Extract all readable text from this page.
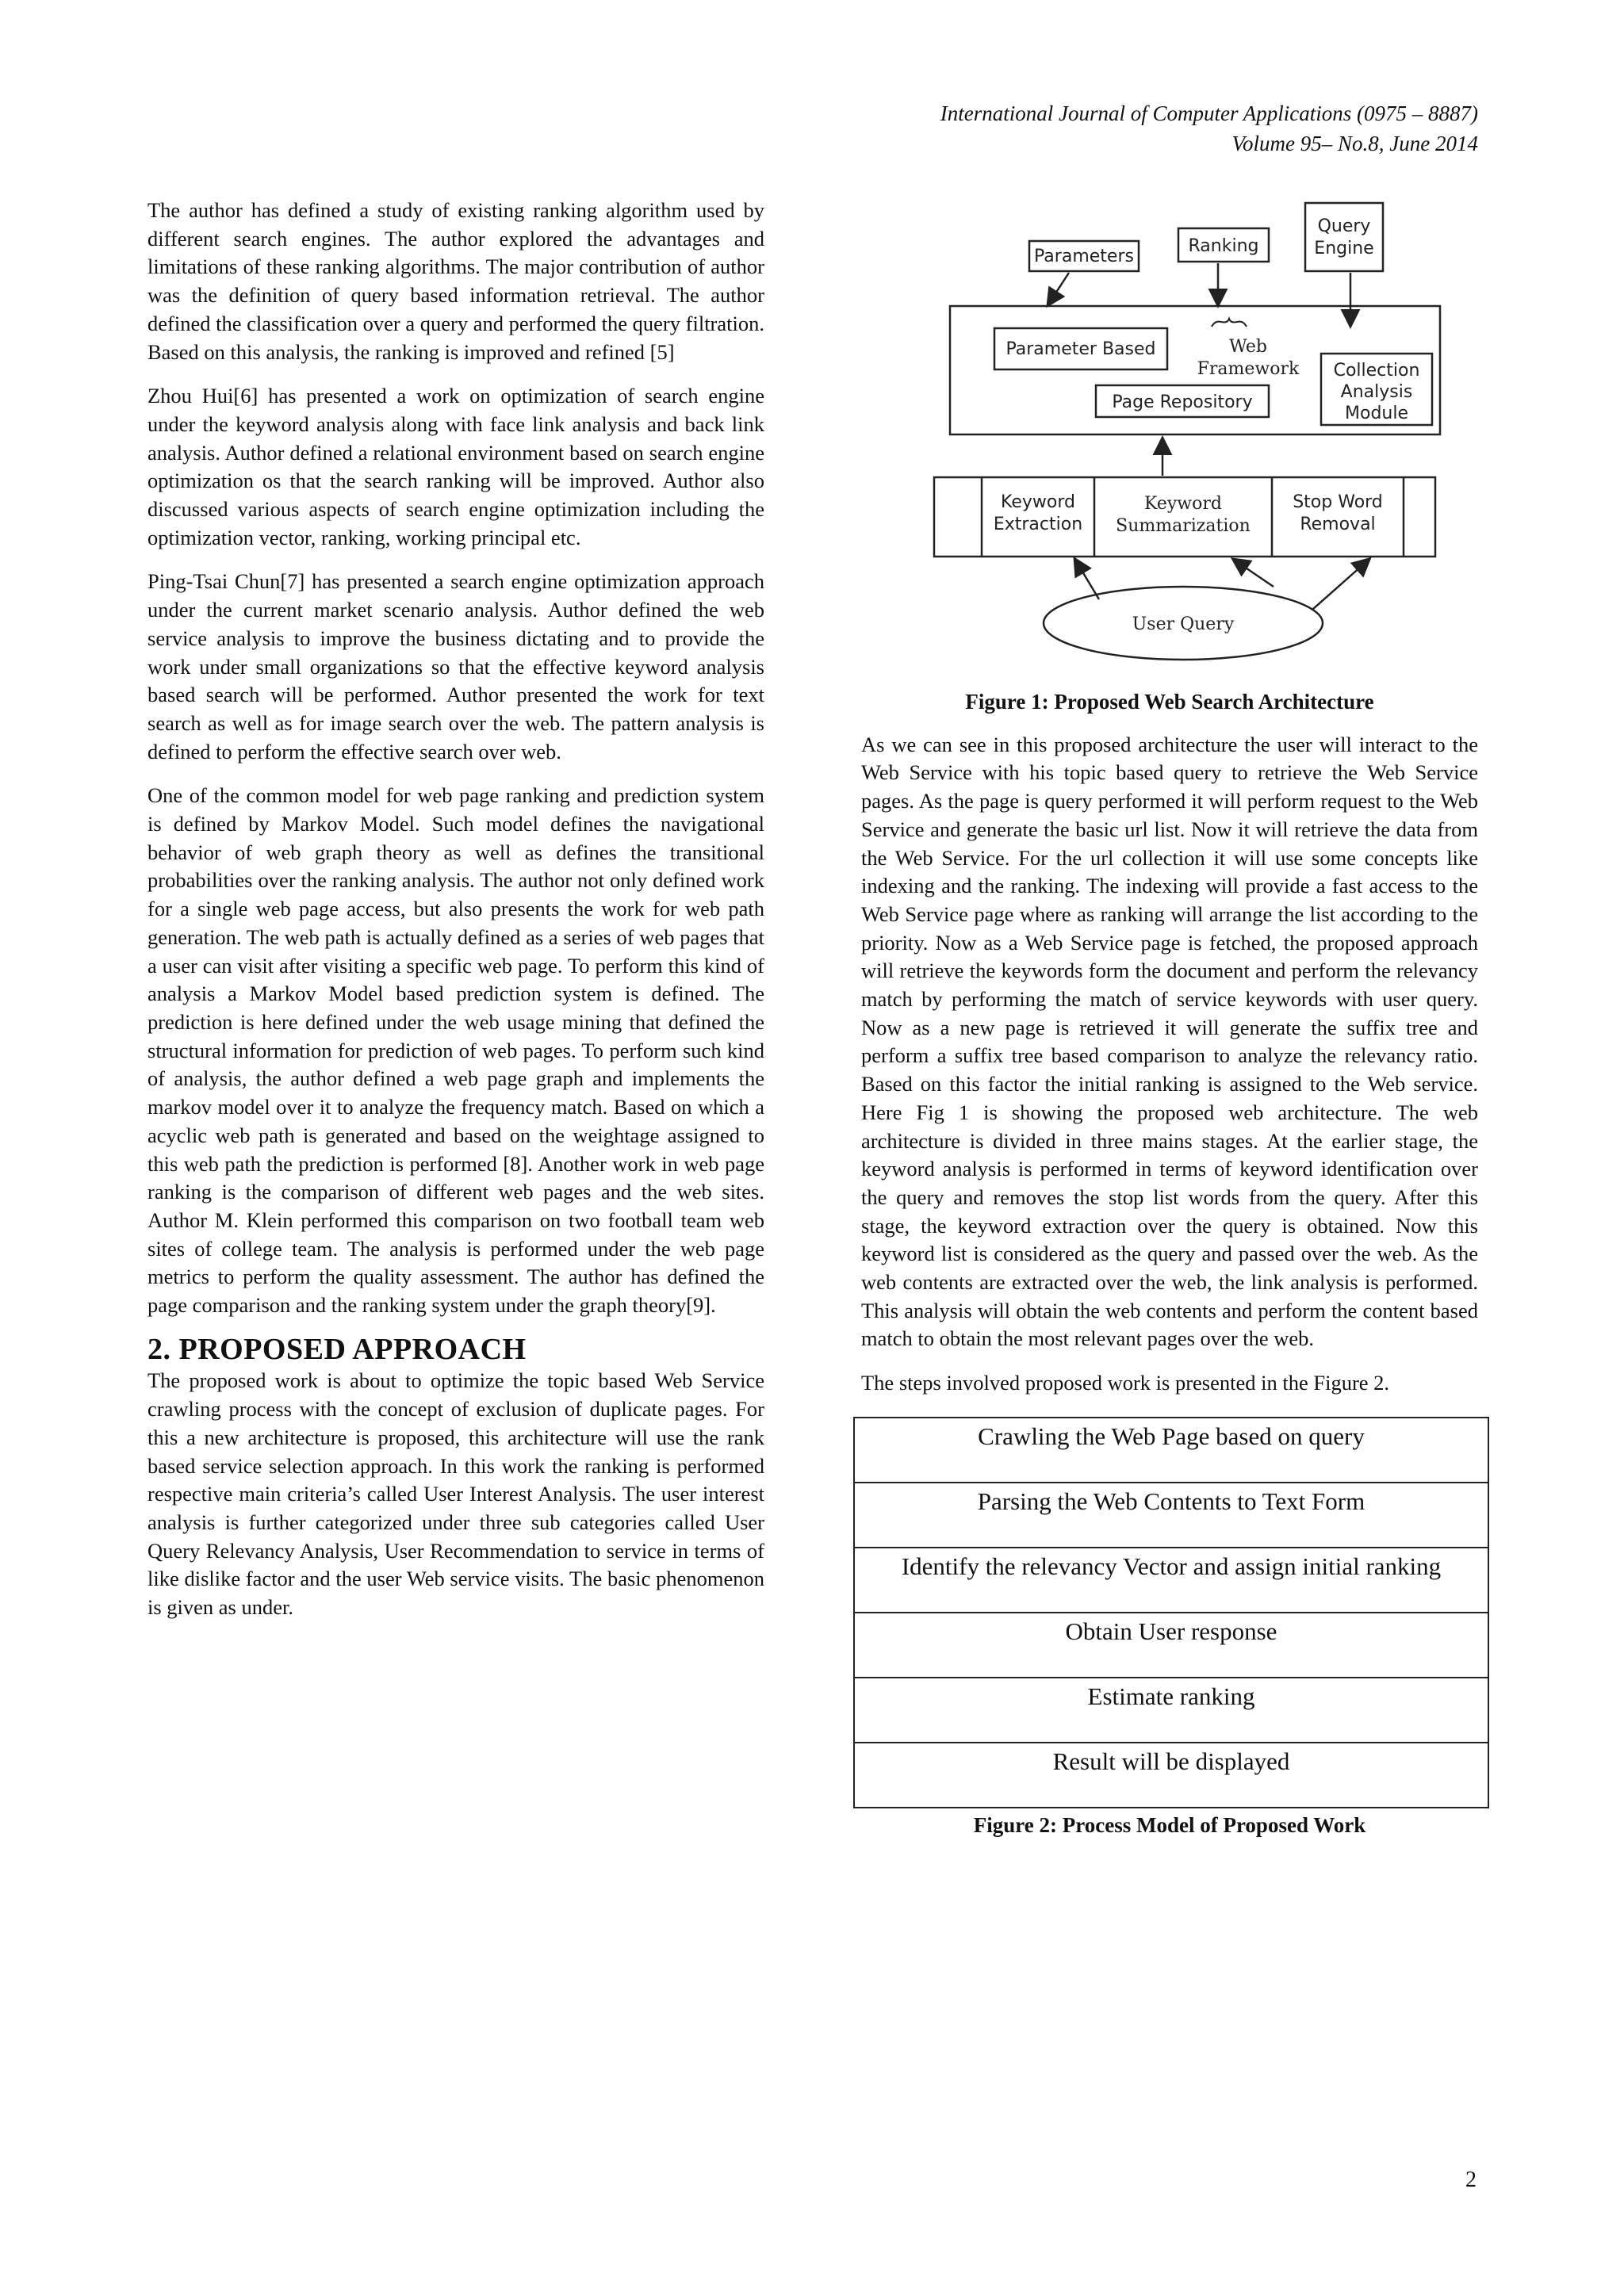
International Journal of Computer Applications (0975 – 8887)
Volume 95– No.8, June 2014

The author has defined a study of existing ranking algorithm used by different search engines. The author explored the advantages and limitations of these ranking algorithms. The major contribution of author was the definition of query based information retrieval. The author defined the classification over a query and performed the query filtration. Based on this analysis, the ranking is improved and refined [5]

Zhou Hui[6] has presented a work on optimization of search engine under the keyword analysis along with face link analysis and back link analysis. Author defined a relational environment based on search engine optimization os that the search ranking will be improved. Author also discussed various aspects of search engine optimization including the optimization vector, ranking, working principal etc.

Ping-Tsai Chun[7] has presented a search engine optimization approach under the current market scenario analysis. Author defined the web service analysis to improve the business dictating and to provide the work under small organizations so that the effective keyword analysis based search will be performed. Author presented the work for text search as well as for image search over the web. The pattern analysis is defined to perform the effective search over web.

One of the common model for web page ranking and prediction system is defined by Markov Model. Such model defines the navigational behavior of web graph theory as well as defines the transitional probabilities over the ranking analysis. The author not only defined work for a single web page access, but also presents the work for web path generation. The web path is actually defined as a series of web pages that a user can visit after visiting a specific web page. To perform this kind of analysis a Markov Model based prediction system is defined. The prediction is here defined under the web usage mining that defined the structural information for prediction of web pages. To perform such kind of analysis, the author defined a web page graph and implements the markov model over it to analyze the frequency match. Based on which a acyclic web path is generated and based on the weightage assigned to this web path the prediction is performed [8]. Another work in web page ranking is the comparison of different web pages and the web sites. Author M. Klein performed this comparison on two football team web sites of college team. The analysis is performed under the web page metrics to perform the quality assessment. The author has defined the page comparison and the ranking system under the graph theory[9].

2. PROPOSED APPROACH

The proposed work is about to optimize the topic based Web Service crawling process with the concept of exclusion of duplicate pages. For this a new architecture is proposed, this architecture will use the rank based service selection approach. In this work the ranking is performed respective main criteria’s called User Interest Analysis. The user interest analysis is further categorized under three sub categories called User Query Relevancy Analysis, User Recommendation to service in terms of like dislike factor and the user Web service visits. The basic phenomenon is given as under.

Parameters
Ranking
Query
Engine
Parameter Based	Web
Framework Collection
Analysis
Module
Page Repository
Keyword
Extraction
Keyword
Summarization
Stop Word
Removal
User Query
Figure 1: Proposed Web Search Architecture

As we can see in this proposed architecture the user will interact to the Web Service with his topic based query to retrieve the Web Service pages. As the page is query performed it will perform request to the Web Service and generate the basic url list. Now it will retrieve the data from the Web Service. For the url collection it will use some concepts like indexing and the ranking. The indexing will provide a fast access to the Web Service page where as ranking will arrange the list according to the priority. Now as a Web Service page is fetched, the proposed approach will retrieve the keywords form the document and perform the relevancy match by performing the match of service keywords with user query. Now as a new page is retrieved it will generate the suffix tree and perform a suffix tree based comparison to analyze the relevancy ratio. Based on this factor the initial ranking is assigned to the Web service. Here Fig 1 is showing the proposed web architecture. The web architecture is divided in three mains stages. At the earlier stage, the keyword analysis is performed in terms of keyword identification over the query and removes the stop list words from the query. After this stage, the keyword extraction over the query is obtained. Now this keyword list is considered as the query and passed over the web. As the web contents are extracted over the web, the link analysis is performed. This analysis will obtain the web contents and perform the content based match to obtain the most relevant pages over the web.

The steps involved proposed work is presented in the Figure 2.

Crawling the Web Page based on query
Parsing the Web Contents to Text Form
Identify the relevancy Vector and assign initial ranking
Obtain User response
Estimate ranking
Result will be displayed
Figure 2: Process Model of Proposed Work
2
